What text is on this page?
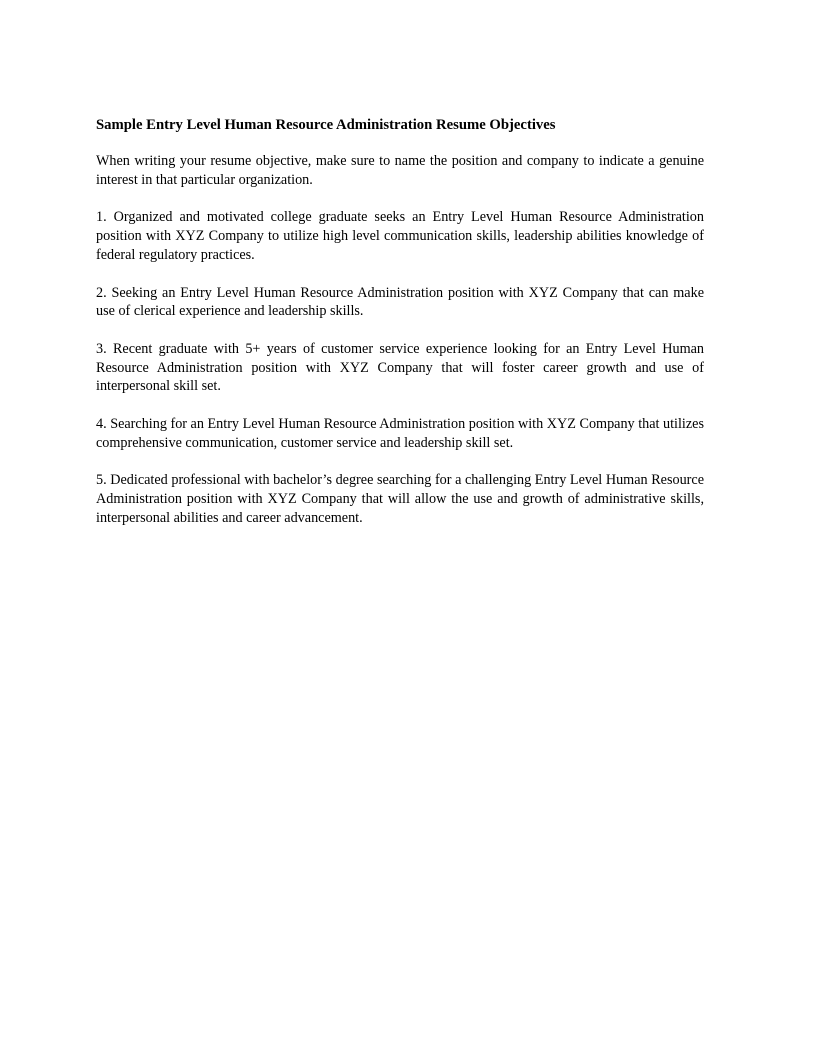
Sample Entry Level Human Resource Administration Resume Objectives

When writing your resume objective, make sure to name the position and company to indicate a genuine interest in that particular organization.

1. Organized and motivated college graduate seeks an Entry Level Human Resource Administration position with XYZ Company to utilize high level communication skills, leadership abilities knowledge of federal regulatory practices.

2. Seeking an Entry Level Human Resource Administration position with XYZ Company that can make use of clerical experience and leadership skills.

3. Recent graduate with 5+ years of customer service experience looking for an Entry Level Human Resource Administration position with XYZ Company that will foster career growth and use of interpersonal skill set.

4. Searching for an Entry Level Human Resource Administration position with XYZ Company that utilizes comprehensive communication, customer service and leadership skill set.

5. Dedicated professional with bachelor’s degree searching for a challenging Entry Level Human Resource Administration position with XYZ Company that will allow the use and growth of administrative skills, interpersonal abilities and career advancement.
